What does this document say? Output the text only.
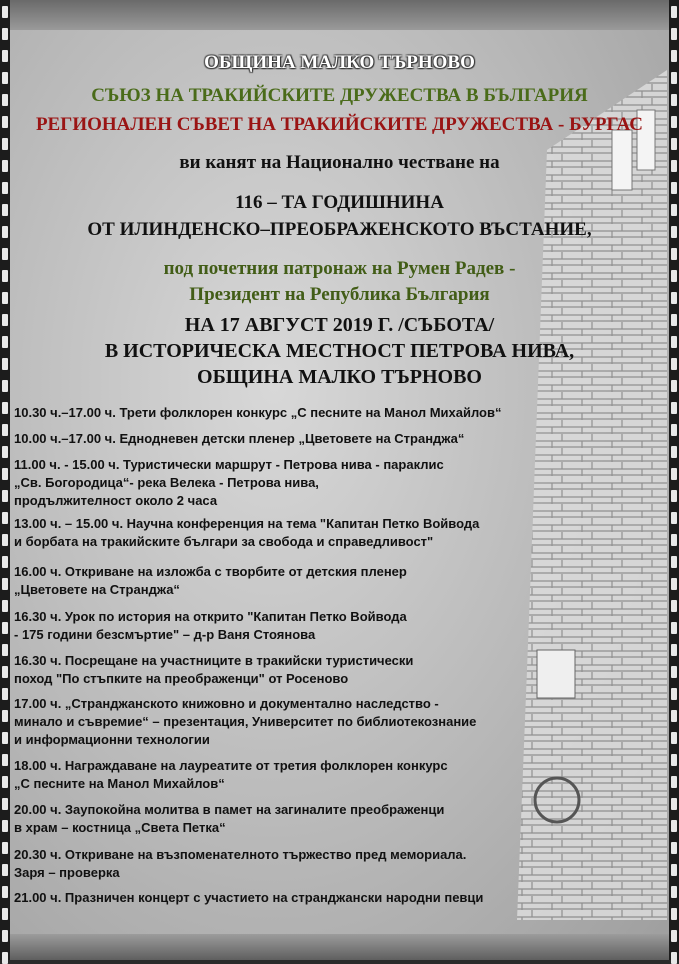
ОБЩИНА МАЛКО ТЪРНОВО
СЪЮЗ НА ТРАКИЙСКИТЕ ДРУЖЕСТВА В БЪЛГАРИЯ
РЕГИОНАЛЕН СЪВЕТ НА ТРАКИЙСКИТЕ ДРУЖЕСТВА - БУРГАС
ви канят на Национално честване на
116 – ТА ГОДИШНИНА
ОТ ИЛИНДЕНСКО–ПРЕОБРАЖЕНСКОТО ВЪСТАНИЕ,
под почетния патронаж на Румен Радев -
Президент на Република България
НА 17 АВГУСТ 2019 Г. /СЪБОТА/
В ИСТОРИЧЕСКА МЕСТНОСТ ПЕТРОВА НИВА,
ОБЩИНА МАЛКО ТЪРНОВО
10.30 ч.–17.00 ч. Трети фолклорен конкурс „С песните на Манол Михайлов“

10.00 ч.–17.00 ч. Еднодневен детски пленер „Цветовете на Странджа“

11.00 ч. - 15.00 ч. Туристически маршрут - Петрова нива - параклис
„Св. Богородица“- река Велека - Петрова нива,
продължителност около 2 часа

13.00 ч. – 15.00 ч. Научна конференция на тема "Капитан Петко Войвода
и борбата на тракийските българи за свобода и справедливост"

16.00 ч. Откриване на изложба с творбите от детския пленер
„Цветовете на Странджа“

16.30 ч. Урок по история на открито "Капитан Петко Войвода
- 175 години безсмъртие" – д-р Ваня Стоянова

16.30 ч. Посрещане на участниците в тракийски туристически
поход "По стъпките на преображенци" от Росеново

17.00 ч. „Странджанското книжовно и документално наследство -
минало и съвремие“ – презентация, Университет по библиотекознание
и информационни технологии

18.00 ч. Награждаване на лауреатите от третия фолклорен конкурс
„С песните на Манол Михайлов“

20.00 ч. Заупокойна молитва в памет на загиналите преображенци
в храм – костница „Света Петка“

20.30 ч. Откриване на възпоменателното тържество пред мемориала.
Заря – проверка

21.00 ч. Празничен концерт с участието на странджански народни певци
